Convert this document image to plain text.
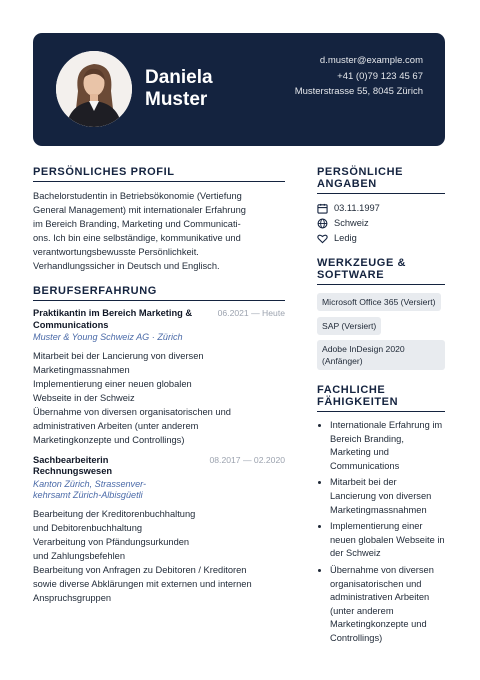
Daniela
Muster
d.muster@example.com
+41 (0)79 123 45 67
Musterstrasse 55, 8045 Zürich
PERSÖNLICHES PROFIL
Bachelorstudentin in Betriebsökonomie (Vertiefung
General Management) mit internationaler Erfahrung
im Bereich Branding, Marketing und Communicati-
ons. Ich bin eine selbständige, kommunikative und
verantwortungsbewusste Persönlichkeit.
Verhandlungssicher in Deutsch und Englisch.
BERUFSERFAHRUNG
Praktikantin im Bereich Marketing & Communications
06.2021 — Heute
Muster & Young Schweiz AG · Zürich
Mitarbeit bei der Lancierung von diversen
Marketingmassnahmen
Implementierung einer neuen globalen
Webseite in der Schweiz
Übernahme von diversen organisatorischen und
administrativen Arbeiten (unter anderem
Marketingkonzepte und Controllings)
Sachbearbeiterin Rechnungswesen
08.2017 — 02.2020
Kanton Zürich, Strassenver-kehrsamt Zürich-Albisgüetli
Bearbeitung der Kreditorenbuchhaltung
und Debitorenbuchhaltung
Verarbeitung von Pfändungsurkunden
und Zahlungsbefehlen
Bearbeitung von Anfragen zu Debitoren / Kreditoren
sowie diverse Abklärungen mit externen und internen
Anspruchsgruppen
PERSÖNLICHE ANGABEN
03.11.1997
Schweiz
Ledig
WERKZEUGE & SOFTWARE
Microsoft Office 365 (Versiert)
SAP (Versiert)
Adobe InDesign 2020 (Anfänger)
FACHLICHE FÄHIGKEITEN
• Internationale Erfahrung im Bereich Branding, Marketing und Communications
• Mitarbeit bei der Lancierung von diversen Marketingmassnahmen
• Implementierung einer neuen globalen Webseite in der Schweiz
• Übernahme von diversen organisatorischen und administrativen Arbeiten (unter anderem Marketingkonzepte und Controllings)
